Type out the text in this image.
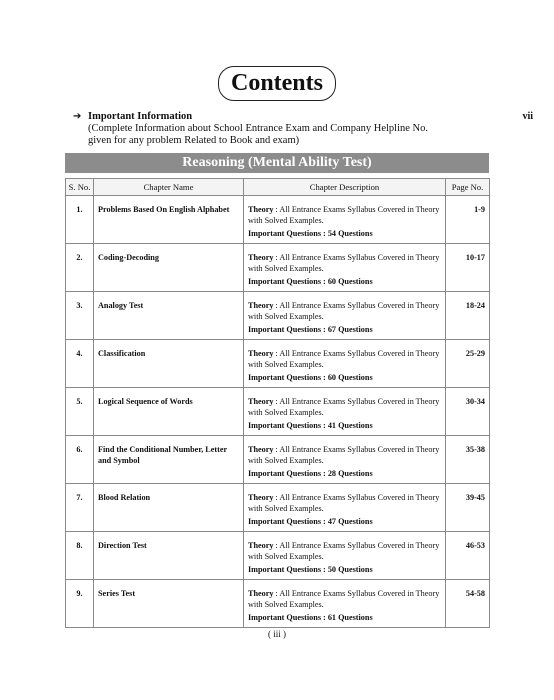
Contents
➔ Important Information
(Complete Information about School Entrance Exam and Company Helpline No. given for any problem Related to Book and exam)
vii
Reasoning (Mental Ability Test)
S. No.	Chapter Name	Chapter Description	Page No.
1.	Problems Based On English Alphabet	Theory : All Entrance Exams Syllabus Covered in Theory with Solved Examples.
Important Questions : 54 Questions	1-9
2.	Coding-Decoding	Theory : All Entrance Exams Syllabus Covered in Theory with Solved Examples.
Important Questions : 60 Questions	10-17
3.	Analogy Test	Theory : All Entrance Exams Syllabus Covered in Theory with Solved Examples.
Important Questions : 67 Questions	18-24
4.	Classification	Theory : All Entrance Exams Syllabus Covered in Theory with Solved Examples.
Important Questions : 60 Questions	25-29
5.	Logical Sequence of Words	Theory : All Entrance Exams Syllabus Covered in Theory with Solved Examples.
Important Questions : 41 Questions	30-34
6.	Find the Conditional Number, Letter and Symbol	Theory : All Entrance Exams Syllabus Covered in Theory with Solved Examples.
Important Questions : 28 Questions	35-38
7.	Blood Relation	Theory : All Entrance Exams Syllabus Covered in Theory with Solved Examples.
Important Questions : 47 Questions	39-45
8.	Direction Test	Theory : All Entrance Exams Syllabus Covered in Theory with Solved Examples.
Important Questions : 50 Questions	46-53
9.	Series Test	Theory : All Entrance Exams Syllabus Covered in Theory with Solved Examples.
Important Questions : 61 Questions	54-58
( iii )
